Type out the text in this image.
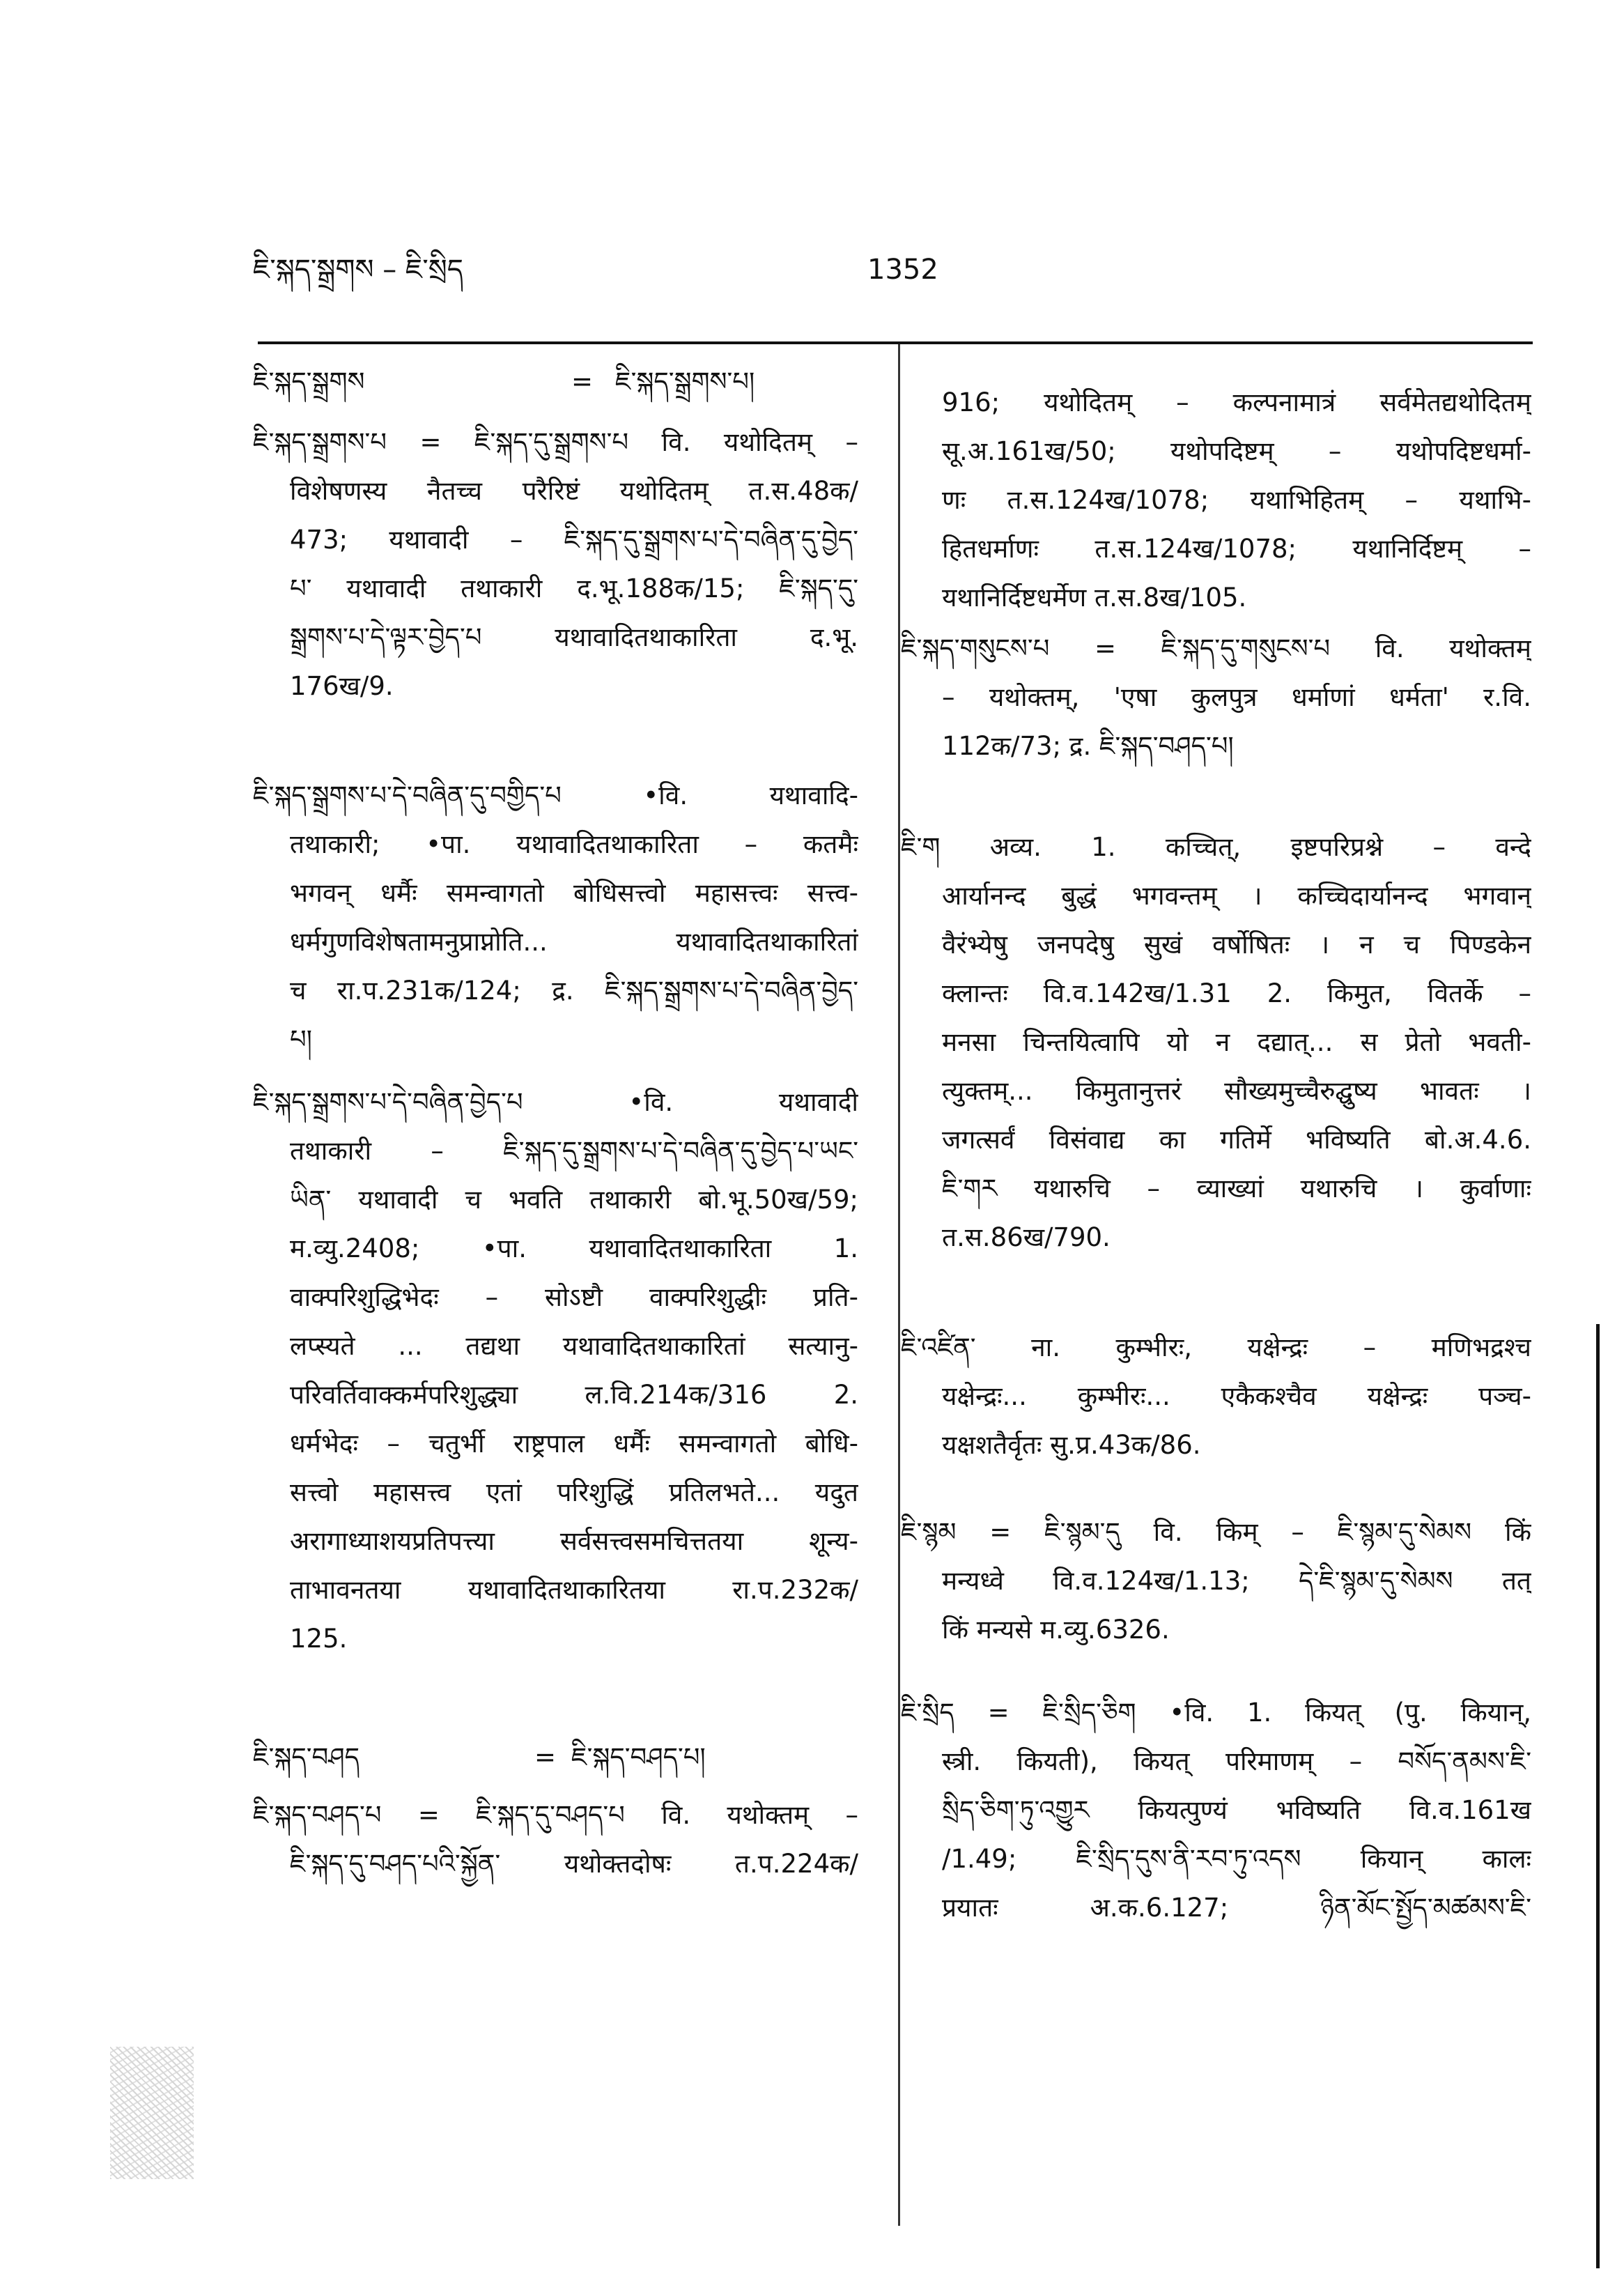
ཇི་སྐད་སྒྲགས – ཇི་སྲིད	1352
ཇི་སྐད་སྒྲགས	= ཇི་སྐད་སྒྲགས་པ།
ཇི་སྐད་སྒྲགས་པ = ཇི་སྐད་དུ་སྒྲགས་པ वि. यथोदितम् –
विशेषणस्य नैतच्च परैरिष्टं यथोदितम् त.स.48क/
473; यथावादी – ཇི་སྐད་དུ་སྒྲགས་པ་དེ་བཞིན་དུ་བྱེད་
པ་ यथावादी तथाकारी द.भू.188क/15; ཇི་སྐད་དུ་
སྒྲགས་པ་དེ་ལྟར་བྱེད་པ यथावादितथाकारिता द.भू.
176ख/9.
ཇི་སྐད་སྒྲགས་པ་དེ་བཞིན་དུ་བགྱིད་པ •वि. यथावादि-
तथाकारी; •पा. यथावादितथाकारिता – कतमैः
भगवन् धर्मैः समन्वागतो बोधिसत्त्वो महासत्त्वः सत्त्व-
धर्मगुणविशेषतामनुप्राप्नोति... यथावादितथाकारितां
च रा.प.231क/124; द्र. ཇི་སྐད་སྒྲགས་པ་དེ་བཞིན་བྱེད་
པ།
ཇི་སྐད་སྒྲགས་པ་དེ་བཞིན་བྱེད་པ •वि. यथावादी
तथाकारी – ཇི་སྐད་དུ་སྒྲགས་པ་དེ་བཞིན་དུ་བྱེད་པ་ཡང་
ཡིན་ यथावादी च भवति तथाकारी बो.भू.50ख/59;
म.व्यु.2408; •पा. यथावादितथाकारिता 1.
वाक्परिशुद्धिभेदः – सोऽष्टौ वाक्परिशुद्धीः प्रति-
लप्स्यते ... तद्यथा यथावादितथाकारितां सत्यानु-
परिवर्तिवाक्कर्मपरिशुद्ध्या ल.वि.214क/316 2.
धर्मभेदः – चतुर्भी राष्ट्रपाल धर्मैः समन्वागतो बोधि-
सत्त्वो महासत्त्व एतां परिशुद्धिं प्रतिलभते... यदुत
अरागाध्याशयप्रतिपत्त्या सर्वसत्त्वसमचित्ततया शून्य-
ताभावनतया यथावादितथाकारितया रा.प.232क/
125.
ཇི་སྐད་བཤད	= ཇི་སྐད་བཤད་པ།
ཇི་སྐད་བཤད་པ = ཇི་སྐད་དུ་བཤད་པ वि. यथोक्तम् –
ཇི་སྐད་དུ་བཤད་པའི་སྐྱོན་ यथोक्तदोषः त.प.224क/
916; यथोदितम् – कल्पनामात्रं सर्वमेतद्यथोदितम्
सू.अ.161ख/50; यथोपदिष्टम् – यथोपदिष्टधर्मा-
णः त.स.124ख/1078; यथाभिहितम् – यथाभि-
हितधर्माणः त.स.124ख/1078; यथानिर्दिष्टम् –
यथानिर्दिष्टधर्मेण त.स.8ख/105.
ཇི་སྐད་གསུངས་པ = ཇི་སྐད་དུ་གསུངས་པ वि. यथोक्तम्
– यथोक्तम्, 'एषा कुलपुत्र धर्माणां धर्मता' र.वि.
112क/73; द्र. ཇི་སྐད་བཤད་པ།
ཇི་ག अव्य. 1. कच्चित्, इष्टपरिप्रश्ने – वन्दे
आर्यानन्द बुद्धं भगवन्तम् । कच्चिदार्यानन्द भगवान्
वैरंभ्येषु जनपदेषु सुखं वर्षोषितः । न च पिण्डकेन
क्लान्तः वि.व.142ख/1.31 2. किमुत, वितर्के –
मनसा चिन्तयित्वापि यो न दद्यात्... स प्रेतो भवती-
त्युक्तम्... किमुतानुत्तरं सौख्यमुच्चैरुद्घुष्य भावतः ।
जगत्सर्वं विसंवाद्य का गतिर्मे भविष्यति बो.अ.4.6.
ཇི་གར यथारुचि – व्याख्यां यथारुचि । कुर्वाणाः
त.स.86ख/790.
ཇི་འཛིན་ ना. कुम्भीरः, यक्षेन्द्रः – मणिभद्रश्च
यक्षेन्द्रः... कुम्भीरः... एकैकश्चैव यक्षेन्द्रः पञ्च-
यक्षशतैर्वृतः सु.प्र.43क/86.
ཇི་སྙམ = ཇི་སྙམ་དུ वि. किम् – ཇི་སྙམ་དུ་སེམས किं
मन्यध्वे वि.व.124ख/1.13; དེ་ཇི་སྙམ་དུ་སེམས तत्
किं मन्यसे म.व्यु.6326.
ཇི་སྲིད = ཇི་སྲིད་ཅིག •वि. 1. कियत् (पु. कियान्,
स्त्री. कियती), कियत् परिमाणम् – བསོད་ནམས་ཇི་
སྲིད་ཅིག་ཏུ་འགྱུར कियत्पुण्यं भविष्यति वि.व.161ख
/1.49; ཇི་སྲིད་དུས་ནི་རབ་ཏུ་འདས कियान् कालः
प्रयातः अ.क.6.127; ཉིན་མོང་སྤྱོད་མཚམས་ཇི་
